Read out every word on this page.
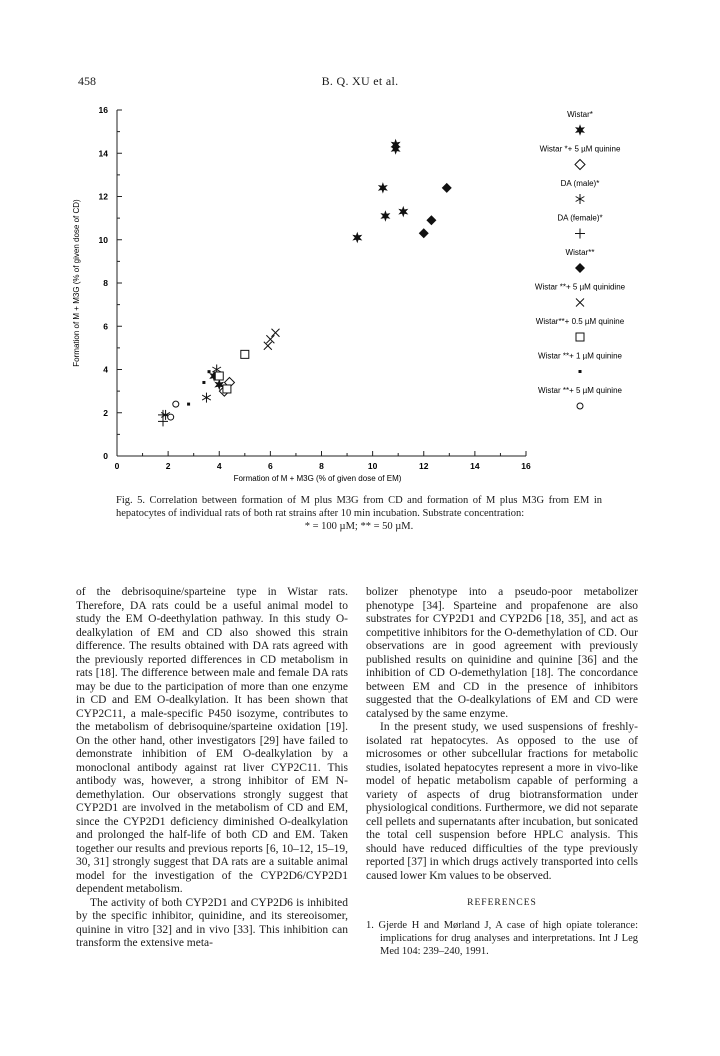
458	B. Q. XU et al.
0	2	4	6	8	10	12	14	16
0
2
4
6
8
10
12
14
16
Formation of M + M3G (% of given dose of EM)
Formation of M + M3G (% of given dose of CD)
Wistar*
Wistar *+ 5 µM quinine
DA (male)*
DA (female)*
Wistar**
Wistar **+ 5 µM quinidine
Wistar**+ 0.5 µM quinine
Wistar **+ 1 µM quinine
Wistar **+ 5 µM quinine
Fig. 5. Correlation between formation of M plus M3G from CD and formation of M plus M3G from EM in hepatocytes of individual rats of both rat strains after 10 min incubation. Substrate concentration:
* = 100 µM; ** = 50 µM.

of the debrisoquine/sparteine type in Wistar rats. Therefore, DA rats could be a useful animal model to study the EM O-deethylation pathway. In this study O-dealkylation of EM and CD also showed this strain difference. The results obtained with DA rats agreed with the previously reported differences in CD metabolism in rats [18]. The difference between male and female DA rats may be due to the participation of more than one enzyme in CD and EM O-dealkylation. It has been shown that CYP2C11, a male-specific P450 isozyme, contributes to the metabolism of debrisoquine/sparteine oxidation [19]. On the other hand, other investigators [29] have failed to demonstrate inhibition of EM O-dealkylation by a monoclonal antibody against rat liver CYP2C11. This antibody was, however, a strong inhibitor of EM N-demethylation. Our observations strongly suggest that CYP2D1 are involved in the metabolism of CD and EM, since the CYP2D1 deficiency diminished O-dealkylation and prolonged the half-life of both CD and EM. Taken together our results and previous reports [6, 10–12, 15–19, 30, 31] strongly suggest that DA rats are a suitable animal model for the investigation of the CYP2D6/CYP2D1 dependent metabolism.

The activity of both CYP2D1 and CYP2D6 is inhibited by the specific inhibitor, quinidine, and its stereoisomer, quinine in vitro [32] and in vivo [33]. This inhibition can transform the extensive meta-

bolizer phenotype into a pseudo-poor metabolizer phenotype [34]. Sparteine and propafenone are also substrates for CYP2D1 and CYP2D6 [18, 35], and act as competitive inhibitors for the O-demethylation of CD. Our observations are in good agreement with previously published results on quinidine and quinine [36] and the inhibition of CD O-demethylation [18]. The concordance between EM and CD in the presence of inhibitors suggested that the O-dealkylations of EM and CD were catalysed by the same enzyme.

In the present study, we used suspensions of freshly-isolated rat hepatocytes. As opposed to the use of microsomes or other subcellular fractions for metabolic studies, isolated hepatocytes represent a more in vivo-like model of hepatic metabolism capable of performing a variety of aspects of drug biotransformation under physiological conditions. Furthermore, we did not separate cell pellets and supernatants after incubation, but sonicated the total cell suspension before HPLC analysis. This should have reduced difficulties of the type previously reported [37] in which drugs actively transported into cells caused lower Km values to be observed.

REFERENCES
1. Gjerde H and Mørland J, A case of high opiate tolerance: implications for drug analyses and interpretations. Int J Leg Med 104: 239–240, 1991.
